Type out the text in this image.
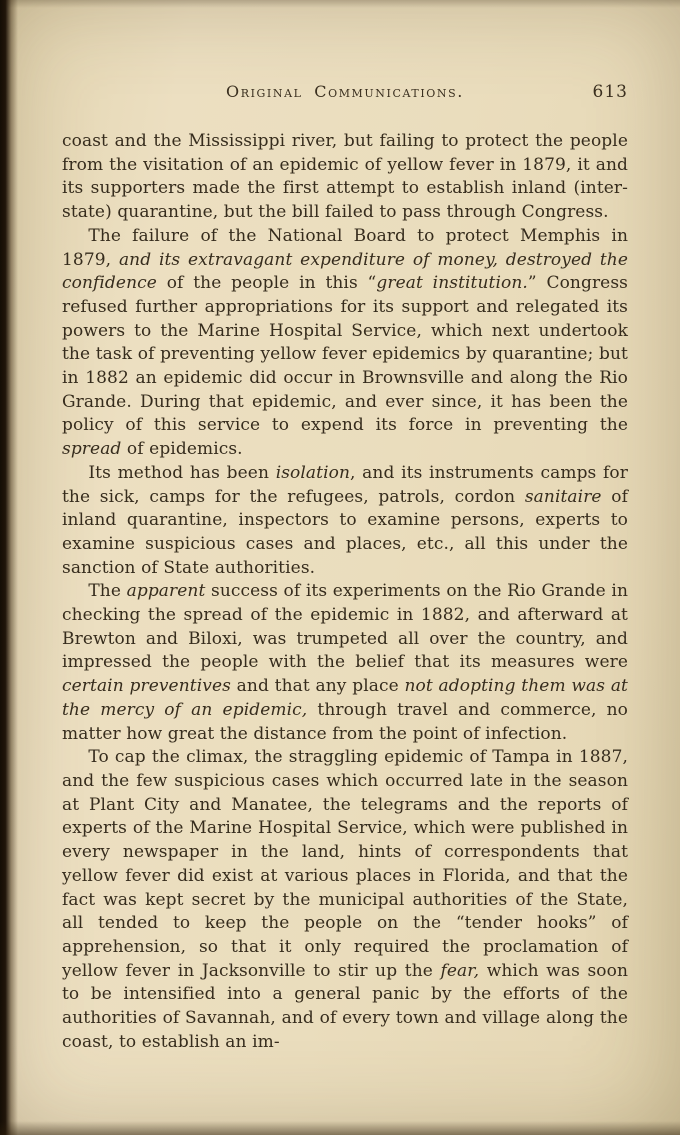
Original Communications.	613

coast and the Mississippi river, but failing to protect the people from the visitation of an epidemic of yellow fever in 1879, it and its supporters made the first attempt to establish inland (inter-state) quarantine, but the bill failed to pass through Congress.

The failure of the National Board to protect Memphis in 1879, and its extravagant expenditure of money, destroyed the confidence of the people in this “great institution.” Congress refused further appropriations for its support and relegated its powers to the Marine Hospital Service, which next undertook the task of preventing yellow fever epidemics by quarantine; but in 1882 an epidemic did occur in Brownsville and along the Rio Grande. During that epidemic, and ever since, it has been the policy of this service to expend its force in preventing the spread of epidemics.

Its method has been isolation, and its instruments camps for the sick, camps for the refugees, patrols, cordon sanitaire of inland quarantine, inspectors to examine persons, experts to examine suspicious cases and places, etc., all this under the sanction of State authorities.

The apparent success of its experiments on the Rio Grande in checking the spread of the epidemic in 1882, and afterward at Brewton and Biloxi, was trumpeted all over the country, and impressed the people with the belief that its measures were certain preventives and that any place not adopting them was at the mercy of an epidemic, through travel and commerce, no matter how great the distance from the point of infection.

To cap the climax, the straggling epidemic of Tampa in 1887, and the few suspicious cases which occurred late in the season at Plant City and Manatee, the telegrams and the reports of experts of the Marine Hospital Service, which were published in every newspaper in the land, hints of correspondents that yellow fever did exist at various places in Florida, and that the fact was kept secret by the municipal authorities of the State, all tended to keep the people on the “tender hooks” of apprehension, so that it only required the proclamation of yellow fever in Jacksonville to stir up the fear, which was soon to be intensified into a general panic by the efforts of the authorities of Savannah, and of every town and village along the coast, to establish an im-
